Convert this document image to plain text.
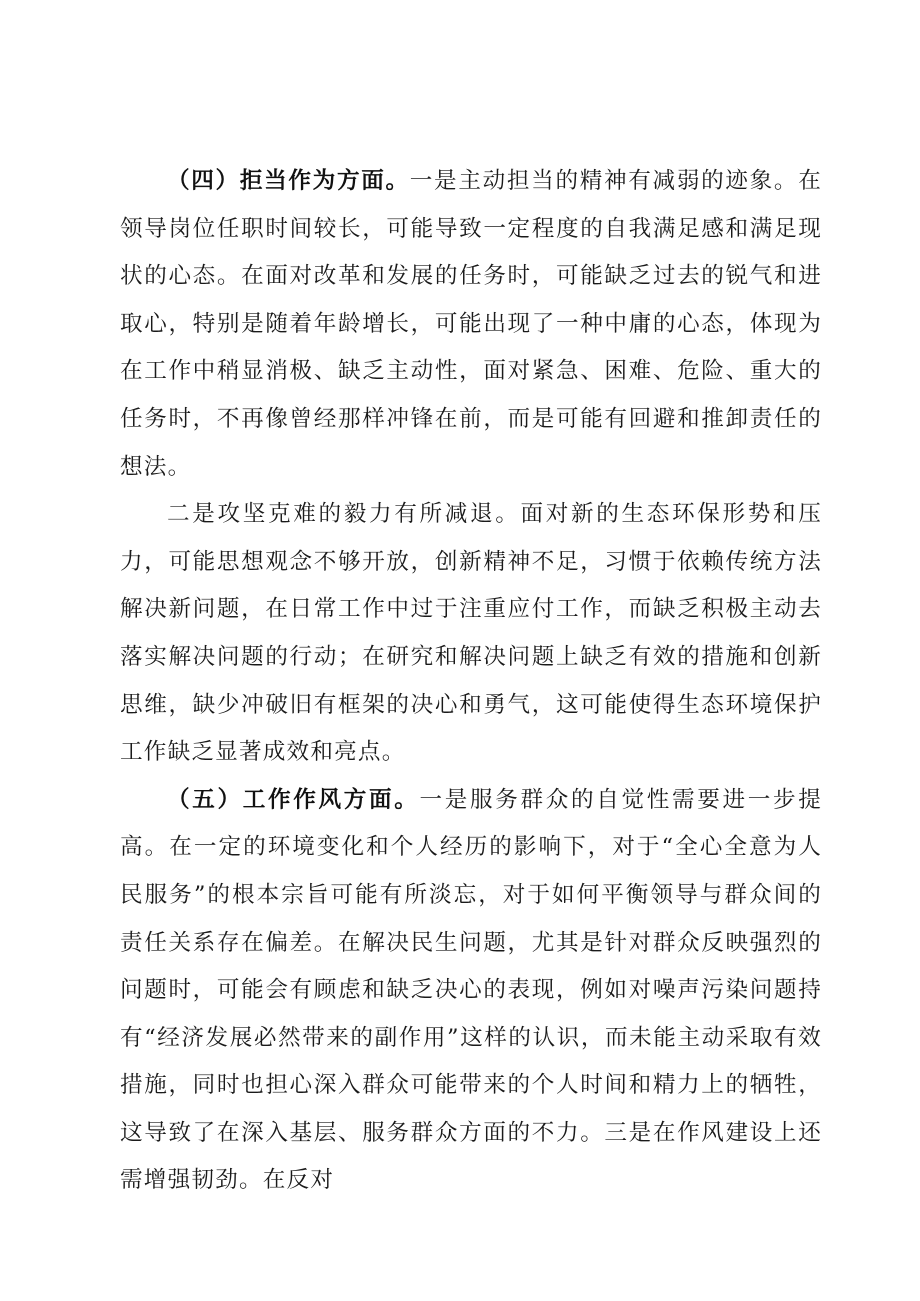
（四）拒当作为方面。一是主动担当的精神有减弱的迹象。在领导岗位任职时间较长，可能导致一定程度的自我满足感和满足现状的心态。在面对改革和发展的任务时，可能缺乏过去的锐气和进取心，特别是随着年龄增长，可能出现了一种中庸的心态，体现为在工作中稍显消极、缺乏主动性，面对紧急、困难、危险、重大的任务时，不再像曾经那样冲锋在前，而是可能有回避和推卸责任的想法。

二是攻坚克难的毅力有所减退。面对新的生态环保形势和压力，可能思想观念不够开放，创新精神不足，习惯于依赖传统方法解决新问题，在日常工作中过于注重应付工作，而缺乏积极主动去落实解决问题的行动；在研究和解决问题上缺乏有效的措施和创新思维，缺少冲破旧有框架的决心和勇气，这可能使得生态环境保护工作缺乏显著成效和亮点。

（五）工作作风方面。一是服务群众的自觉性需要进一步提高。在一定的环境变化和个人经历的影响下，对于“全心全意为人民服务”的根本宗旨可能有所淡忘，对于如何平衡领导与群众间的责任关系存在偏差。在解决民生问题，尤其是针对群众反映强烈的问题时，可能会有顾虑和缺乏决心的表现，例如对噪声污染问题持有“经济发展必然带来的副作用”这样的认识，而未能主动采取有效措施，同时也担心深入群众可能带来的个人时间和精力上的牺牲，这导致了在深入基层、服务群众方面的不力。三是在作风建设上还需增强韧劲。在反对
